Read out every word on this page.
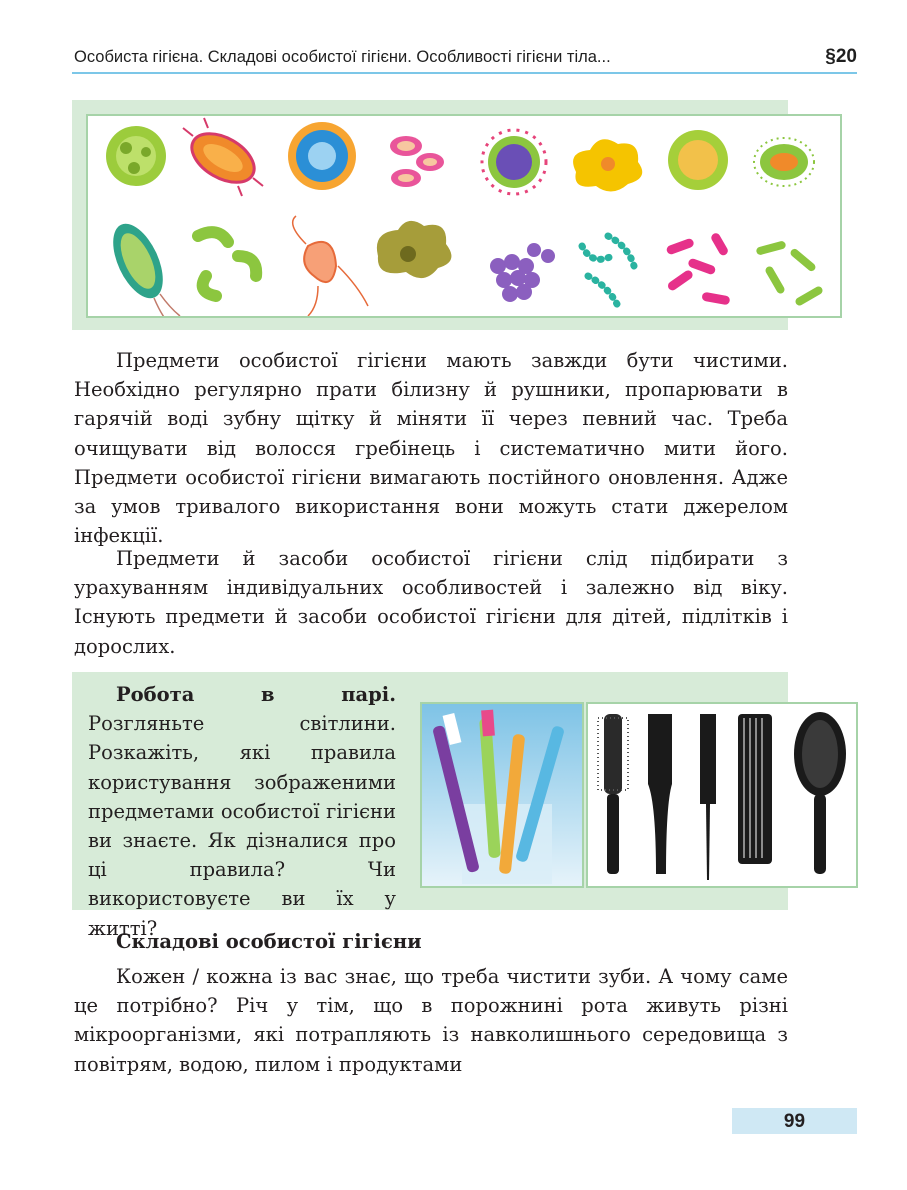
Особиста гігієна. Складові особистої гігієни. Особливості гігієни тіла...	§20

Предмети особистої гігієни мають завжди бути чистими. Необхідно регулярно прати білизну й рушники, пропарювати в гарячій воді зубну щітку й міняти її через певний час. Треба очищувати від волосся гребінець і систематично мити його. Предмети особистої гігієни вимагають постійного оновлення. Адже за умов тривалого використання вони можуть стати джерелом інфекції.

Предмети й засоби особистої гігієни слід підбирати з урахуванням індивідуальних особливостей і залежно від віку. Існують предмети й засоби особистої гігієни для дітей, підлітків і дорослих.

Робота в парі. Розгляньте світлини. Розкажіть, які правила користування зображеними предметами особистої гігієни ви знаєте. Як дізналися про ці правила? Чи використовуєте ви їх у житті?

Складові особистої гігієни

Кожен / кожна із вас знає, що треба чистити зуби. А чому саме це потрібно? Річ у тім, що в порожнині рота живуть різні мікроорганізми, які потрапляють із навколишнього середовища з повітрям, водою, пилом і продуктами

99
